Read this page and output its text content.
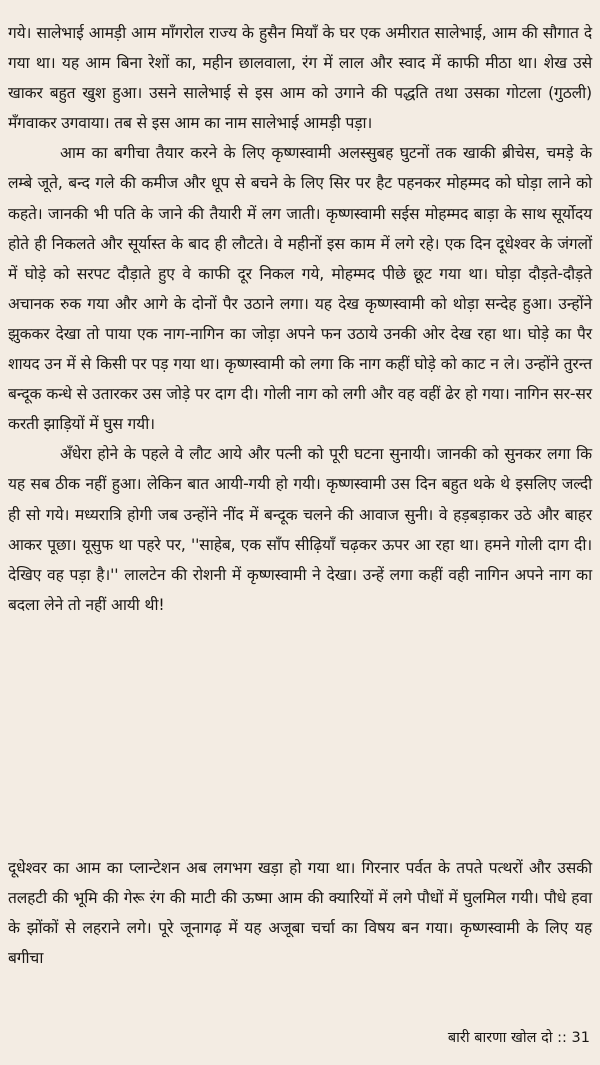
गये। सालेभाई आमड़ी आम माँगरोल राज्य के हुसैन मियाँ के घर एक अमीरात सालेभाई, आम की सौगात दे गया था। यह आम बिना रेशों का, महीन छालवाला, रंग में लाल और स्वाद में काफी मीठा था। शेख उसे खाकर बहुत खुश हुआ। उसने सालेभाई से इस आम को उगाने की पद्धति तथा उसका गोटला (गुठली) मँगवाकर उगवाया। तब से इस आम का नाम सालेभाई आमड़ी पड़ा।

आम का बगीचा तैयार करने के लिए कृष्णस्वामी अलस्सुबह घुटनों तक खाकी ब्रीचेस, चमड़े के लम्बे जूते, बन्द गले की कमीज और धूप से बचने के लिए सिर पर हैट पहनकर मोहम्मद को घोड़ा लाने को कहते। जानकी भी पति के जाने की तैयारी में लग जाती। कृष्णस्वामी सईस मोहम्मद बाड़ा के साथ सूर्योदय होते ही निकलते और सूर्यास्त के बाद ही लौटते। वे महीनों इस काम में लगे रहे। एक दिन दूधेश्वर के जंगलों में घोड़े को सरपट दौड़ाते हुए वे काफी दूर निकल गये, मोहम्मद पीछे छूट गया था। घोड़ा दौड़ते-दौड़ते अचानक रुक गया और आगे के दोनों पैर उठाने लगा। यह देख कृष्णस्वामी को थोड़ा सन्देह हुआ। उन्होंने झुककर देखा तो पाया एक नाग-नागिन का जोड़ा अपने फन उठाये उनकी ओर देख रहा था। घोड़े का पैर शायद उन में से किसी पर पड़ गया था। कृष्णस्वामी को लगा कि नाग कहीं घोड़े को काट न ले। उन्होंने तुरन्त बन्दूक कन्धे से उतारकर उस जोड़े पर दाग दी। गोली नाग को लगी और वह वहीं ढेर हो गया। नागिन सर-सर करती झाड़ियों में घुस गयी।

अँधेरा होने के पहले वे लौट आये और पत्नी को पूरी घटना सुनायी। जानकी को सुनकर लगा कि यह सब ठीक नहीं हुआ। लेकिन बात आयी-गयी हो गयी। कृष्णस्वामी उस दिन बहुत थके थे इसलिए जल्दी ही सो गये। मध्यरात्रि होगी जब उन्होंने नींद में बन्दूक चलने की आवाज सुनी। वे हड़बड़ाकर उठे और बाहर आकर पूछा। यूसुफ था पहरे पर, ''साहेब, एक साँप सीढ़ियाँ चढ़कर ऊपर आ रहा था। हमने गोली दाग दी। देखिए वह पड़ा है।'' लालटेन की रोशनी में कृष्णस्वामी ने देखा। उन्हें लगा कहीं वही नागिन अपने नाग का बदला लेने तो नहीं आयी थी!

दूधेश्वर का आम का प्लान्टेशन अब लगभग खड़ा हो गया था। गिरनार पर्वत के तपते पत्थरों और उसकी तलहटी की भूमि की गेरू रंग की माटी की ऊष्मा आम की क्यारियों में लगे पौधों में घुलमिल गयी। पौधे हवा के झोंकों से लहराने लगे। पूरे जूनागढ़ में यह अजूबा चर्चा का विषय बन गया। कृष्णस्वामी के लिए यह बगीचा

बारी बारणा खोल दो :: 31
